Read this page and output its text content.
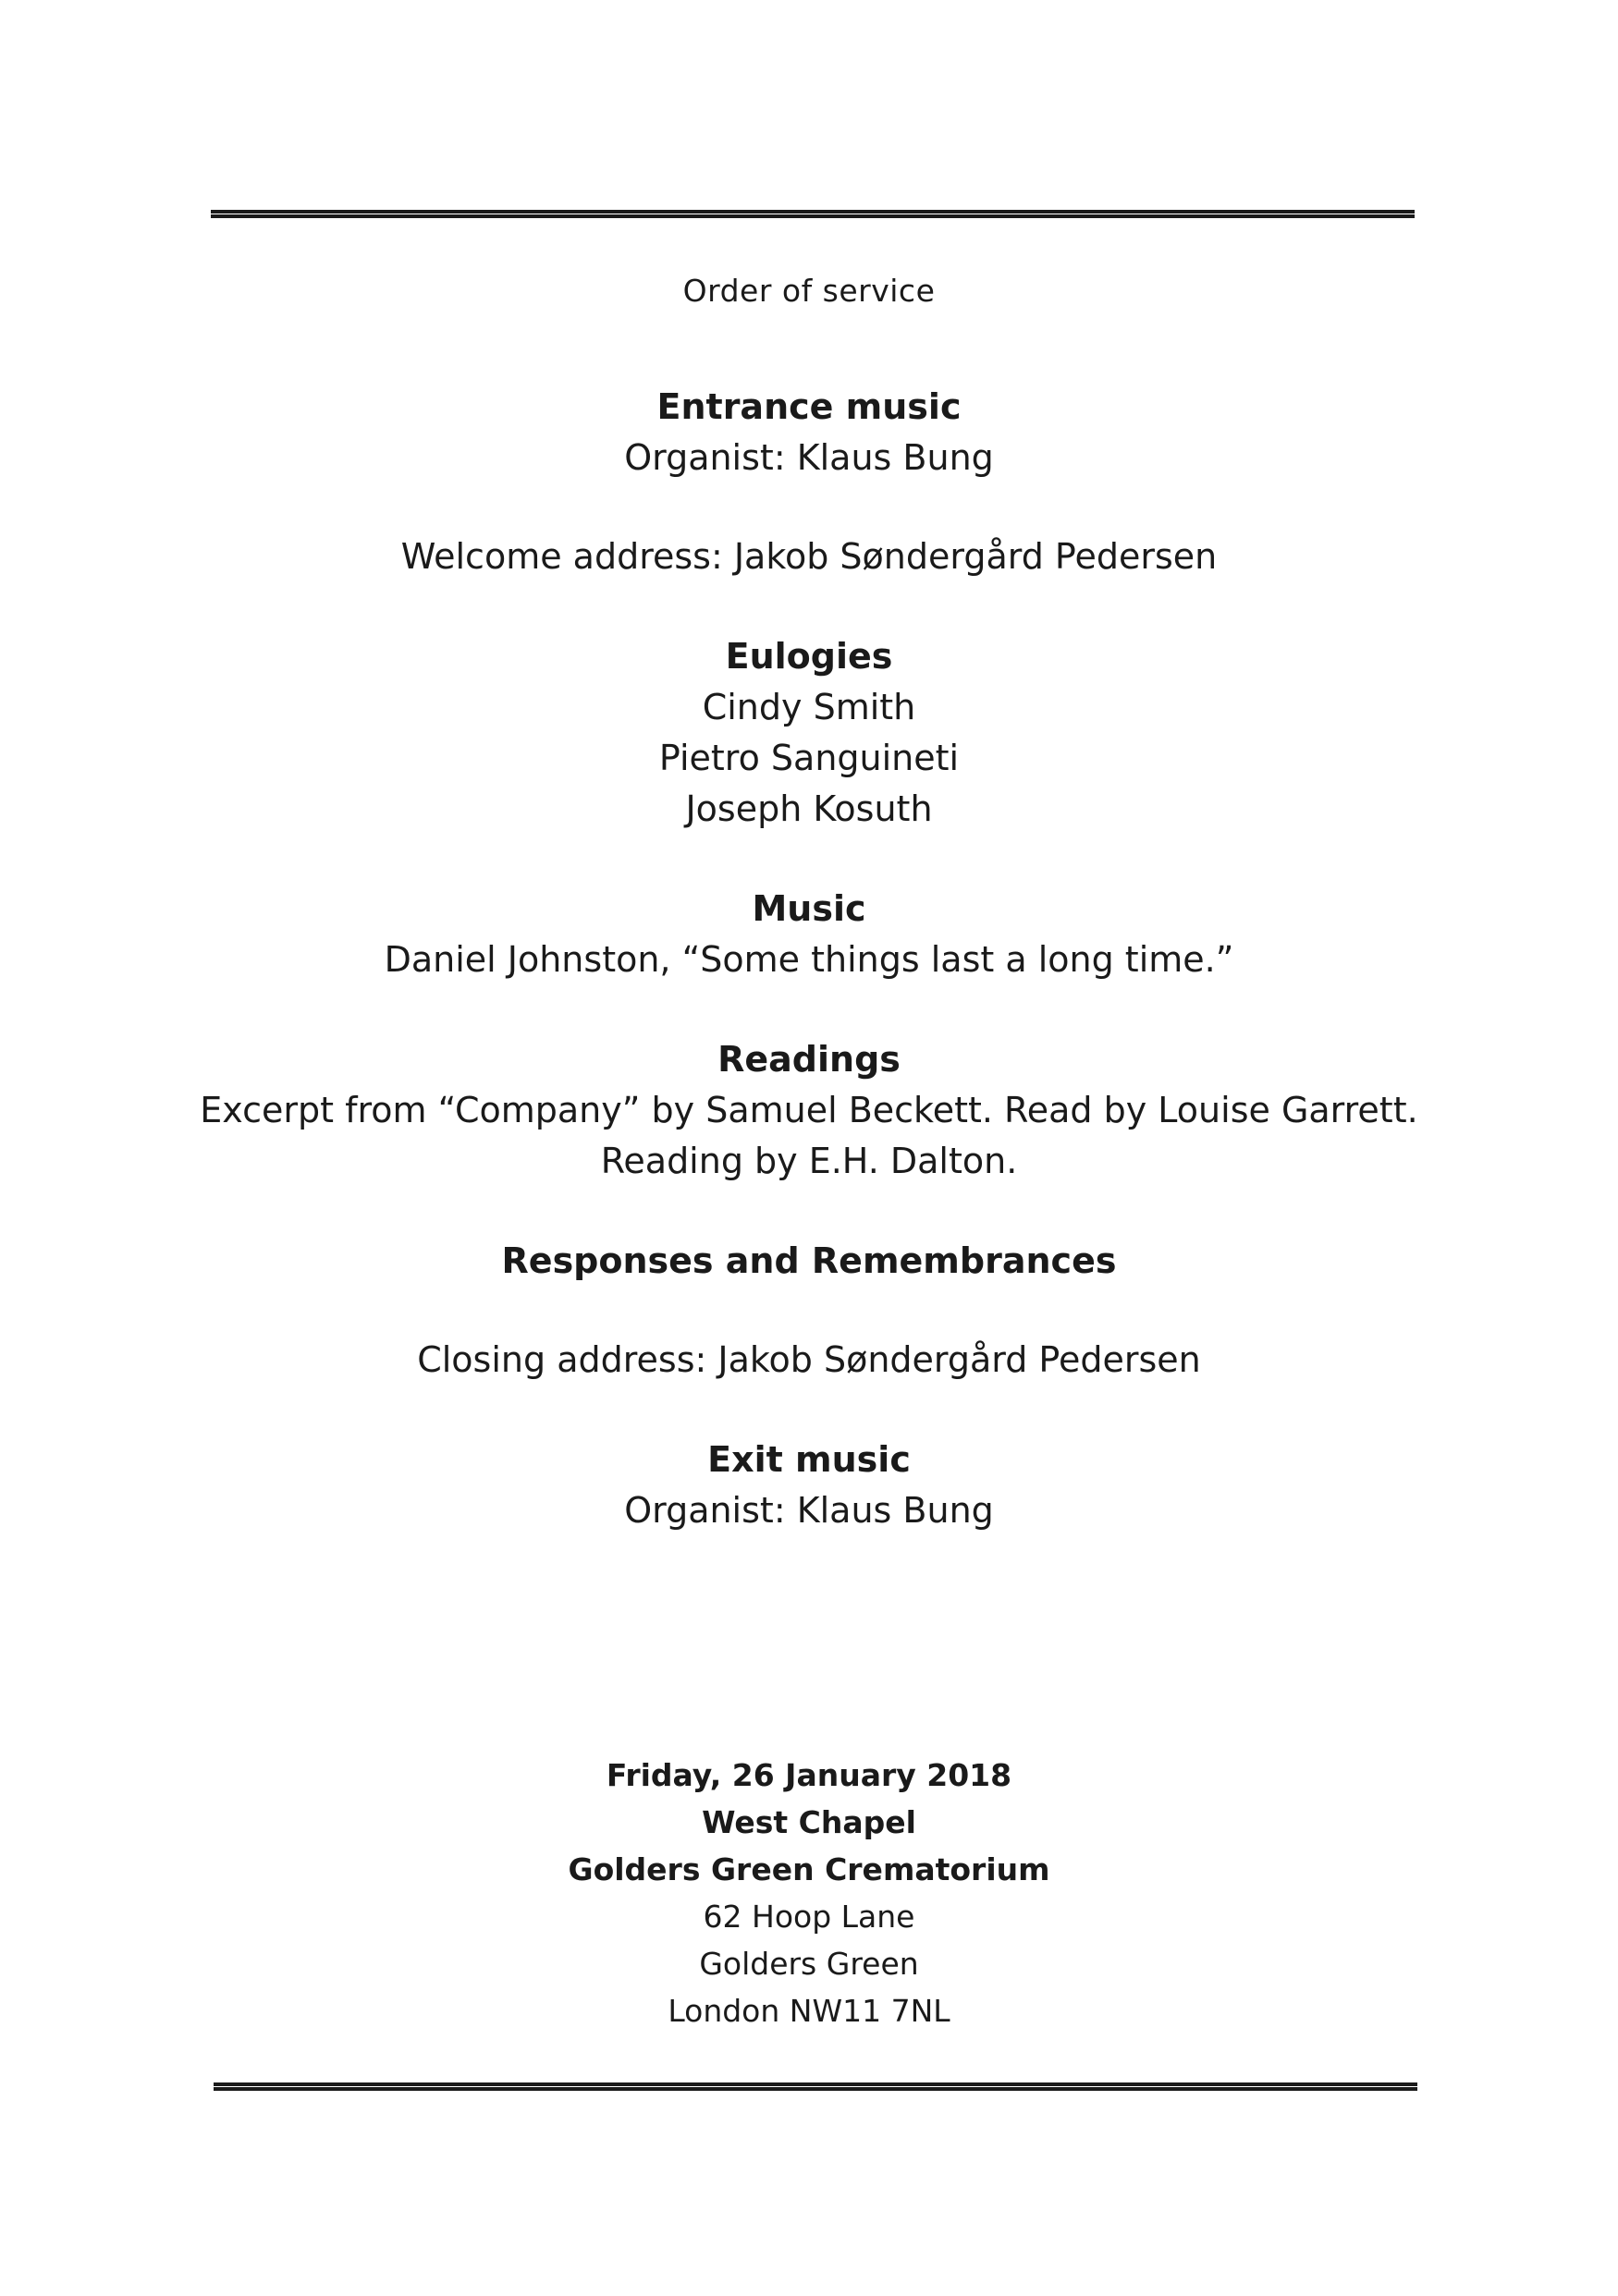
Order of service

Entrance music

Organist: Klaus Bung

Welcome address: Jakob Søndergård Pedersen

Eulogies

Cindy Smith

Pietro Sanguineti

Joseph Kosuth

Music

Daniel Johnston, “Some things last a long time.”

Readings

Excerpt from “Company” by Samuel Beckett. Read by Louise Garrett.

Reading by E.H. Dalton.

Responses and Remembrances

Closing address: Jakob Søndergård Pedersen

Exit music

Organist: Klaus Bung

Friday, 26 January 2018

West Chapel

Golders Green Crematorium

62 Hoop Lane

Golders Green

London NW11 7NL
